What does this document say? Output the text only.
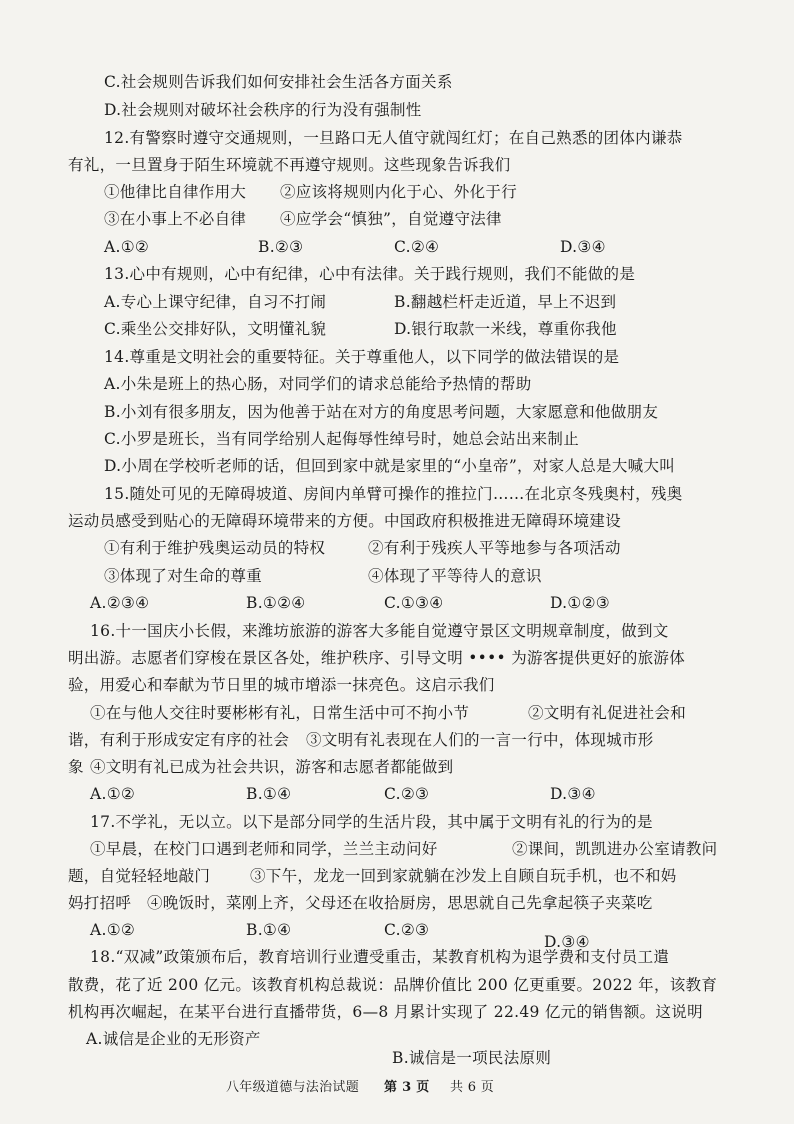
C.社会规则告诉我们如何安排社会生活各方面关系
D.社会规则对破坏社会秩序的行为没有强制性
12.有警察时遵守交通规则，一旦路口无人值守就闯红灯；在自己熟悉的团体内谦恭
有礼，一旦置身于陌生环境就不再遵守规则。这些现象告诉我们
①他律比自律作用大 ②应该将规则内化于心、外化于行
③在小事上不必自律 ④应学会“慎独”，自觉遵守法律
A.①②	B.②③	C.②④	D.③④
13.心中有规则，心中有纪律，心中有法律。关于践行规则，我们不能做的是
A.专心上课守纪律，自习不打闹	B.翻越栏杆走近道，早上不迟到
C.乘坐公交排好队，文明懂礼貌	D.银行取款一米线，尊重你我他
14.尊重是文明社会的重要特征。关于尊重他人，以下同学的做法错误的是
A.小朱是班上的热心肠，对同学们的请求总能给予热情的帮助
B.小刘有很多朋友，因为他善于站在对方的角度思考问题，大家愿意和他做朋友
C.小罗是班长，当有同学给别人起侮辱性绰号时，她总会站出来制止
D.小周在学校听老师的话，但回到家中就是家里的“小皇帝”，对家人总是大喊大叫
15.随处可见的无障碍坡道、房间内单臂可操作的推拉门……在北京冬残奥村，残奥
运动员感受到贴心的无障碍环境带来的方便。中国政府积极推进无障碍环境建设
①有利于维护残奥运动员的特权	②有利于残疾人平等地参与各项活动
③体现了对生命的尊重	④体现了平等待人的意识
A.②③④	B.①②④	C.①③④	D.①②③
16.十一国庆小长假，来潍坊旅游的游客大多能自觉遵守景区文明规章制度，做到文
明出游。志愿者们穿梭在景区各处，维护秩序、引导文明 •••• 为游客提供更好的旅游体
验，用爱心和奉献为节日里的城市增添一抹亮色。这启示我们
①在与他人交往时要彬彬有礼，日常生活中可不拘小节	②文明有礼促进社会和
谐，有利于形成安定有序的社会 ③文明有礼表现在人们的一言一行中，体现城市形
象 ④文明有礼已成为社会共识，游客和志愿者都能做到
A.①②	B.①④	C.②③	D.③④
17.不学礼，无以立。以下是部分同学的生活片段，其中属于文明有礼的行为的是
①早晨，在校门口遇到老师和同学，兰兰主动问好	②课间，凯凯进办公室请教问
题，自觉轻轻地敲门	③下午，龙龙一回到家就躺在沙发上自顾自玩手机，也不和妈
妈打招呼　④晚饭时，菜刚上齐，父母还在收拾厨房，思思就自己先拿起筷子夹菜吃
A.①②	B.①④	C.②③
D.③④
18.“双减”政策颁布后，教育培训行业遭受重击，某教育机构为退学费和支付员工遣
散费，花了近 200 亿元。该教育机构总裁说：品牌价值比 200 亿更重要。2022 年，该教育
机构再次崛起，在某平台进行直播带货，6—8 月累计实现了 22.49 亿元的销售额。这说明
A.诚信是企业的无形资产
B.诚信是一项民法原则
八年级道德与法治试题 第 3 页 共 6 页
